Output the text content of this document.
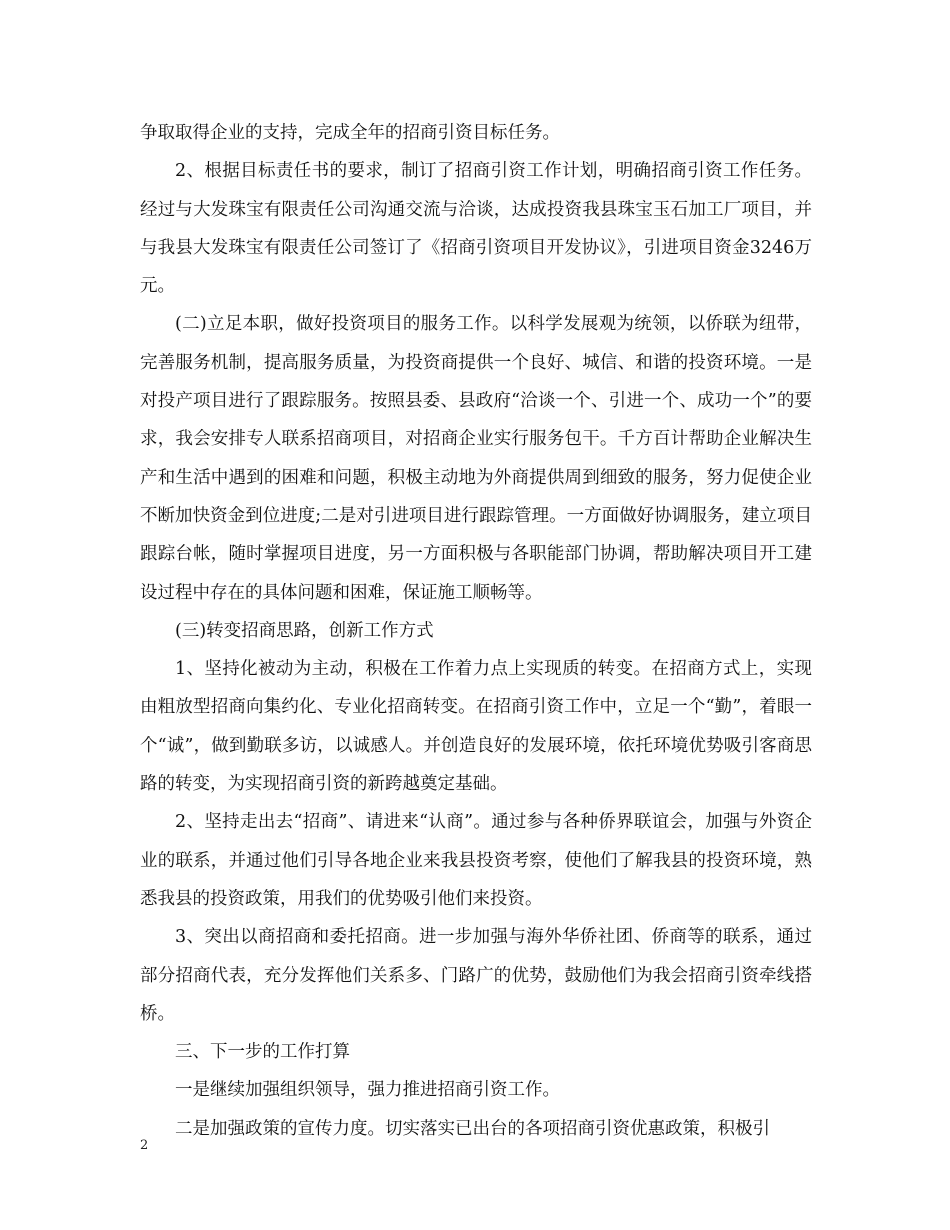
争取取得企业的支持，完成全年的招商引资目标任务。

2、根据目标责任书的要求，制订了招商引资工作计划，明确招商引资工作任务。经过与大发珠宝有限责任公司沟通交流与洽谈，达成投资我县珠宝玉石加工厂项目，并与我县大发珠宝有限责任公司签订了《招商引资项目开发协议》，引进项目资金3246万元。

(二)立足本职，做好投资项目的服务工作。以科学发展观为统领，以侨联为纽带，完善服务机制，提高服务质量，为投资商提供一个良好、城信、和谐的投资环境。一是对投产项目进行了跟踪服务。按照县委、县政府“洽谈一个、引进一个、成功一个”的要求，我会安排专人联系招商项目，对招商企业实行服务包干。千方百计帮助企业解决生产和生活中遇到的困难和问题，积极主动地为外商提供周到细致的服务，努力促使企业不断加快资金到位进度;二是对引进项目进行跟踪管理。一方面做好协调服务，建立项目跟踪台帐，随时掌握项目进度，另一方面积极与各职能部门协调，帮助解决项目开工建设过程中存在的具体问题和困难，保证施工顺畅等。

(三)转变招商思路，创新工作方式

1、坚持化被动为主动，积极在工作着力点上实现质的转变。在招商方式上，实现由粗放型招商向集约化、专业化招商转变。在招商引资工作中，立足一个“勤”，着眼一个“诚”，做到勤联多访，以诚感人。并创造良好的发展环境，依托环境优势吸引客商思路的转变，为实现招商引资的新跨越奠定基础。

2、坚持走出去“招商”、请进来“认商”。通过参与各种侨界联谊会，加强与外资企业的联系，并通过他们引导各地企业来我县投资考察，使他们了解我县的投资环境，熟悉我县的投资政策，用我们的优势吸引他们来投资。

3、突出以商招商和委托招商。进一步加强与海外华侨社团、侨商等的联系，通过部分招商代表，充分发挥他们关系多、门路广的优势，鼓励他们为我会招商引资牵线搭桥。

三、下一步的工作打算

一是继续加强组织领导，强力推进招商引资工作。

二是加强政策的宣传力度。切实落实已出台的各项招商引资优惠政策，积极引

2
